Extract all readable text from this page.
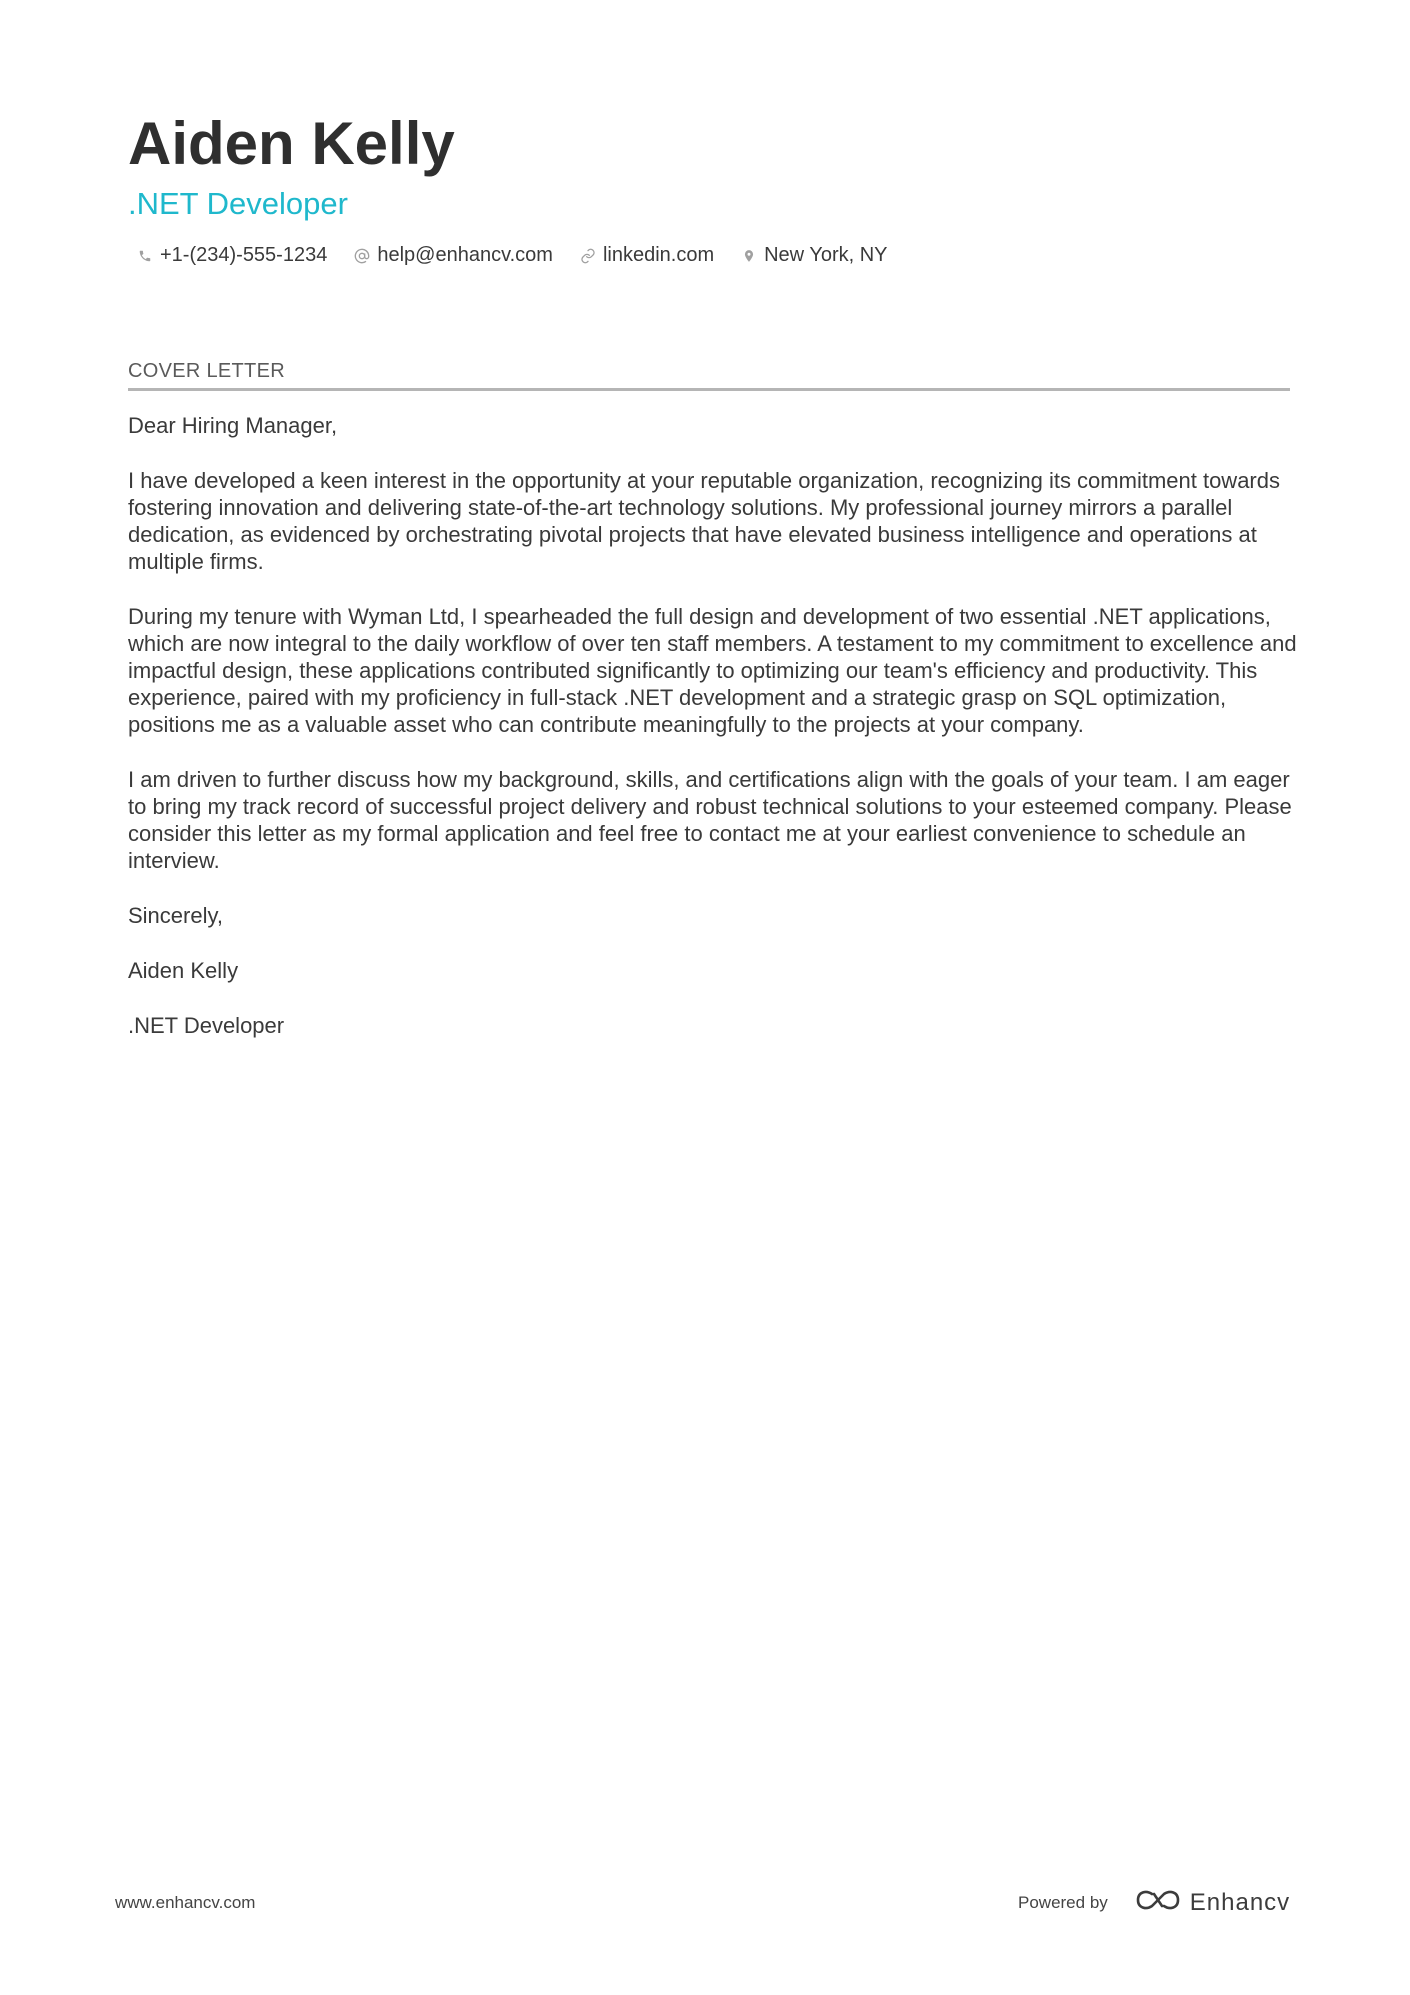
Aiden Kelly
.NET Developer
+1-(234)-555-1234	help@enhancv.com	linkedin.com	New York, NY
COVER LETTER

Dear Hiring Manager,

I have developed a keen interest in the opportunity at your reputable organization, recognizing its commitment towards fostering innovation and delivering state-of-the-art technology solutions. My professional journey mirrors a parallel dedication, as evidenced by orchestrating pivotal projects that have elevated business intelligence and operations at multiple firms.

During my tenure with Wyman Ltd, I spearheaded the full design and development of two essential .NET applications, which are now integral to the daily workflow of over ten staff members. A testament to my commitment to excellence and impactful design, these applications contributed significantly to optimizing our team's efficiency and productivity. This experience, paired with my proficiency in full-stack .NET development and a strategic grasp on SQL optimization, positions me as a valuable asset who can contribute meaningfully to the projects at your company.

I am driven to further discuss how my background, skills, and certifications align with the goals of your team. I am eager to bring my track record of successful project delivery and robust technical solutions to your esteemed company. Please consider this letter as my formal application and feel free to contact me at your earliest convenience to schedule an interview.

Sincerely,

Aiden Kelly

.NET Developer

www.enhancv.com	Powered by	Enhancv
